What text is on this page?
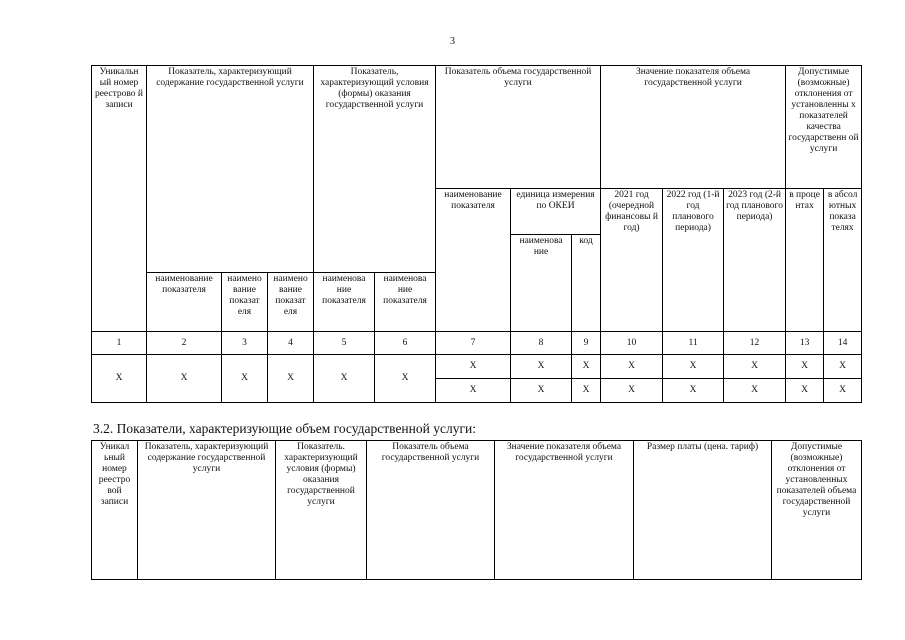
3
Уникальн ый номер реестрово й записи	Показатель, характеризующий содержание государственной услуги			Показатель, характеризующий условия (формы) оказания государственной услуги		Показатель объема государственной услуги			Значение показателя объема государственной услуги			Допустимые (возможные) отклонения от установленны х показателей качества государственн ой услуги	
						наименование показателя	единица измерения по ОКЕИ		2021 год (очередной финансовы й год)	2022 год (1-й год планового периода)	2023 год (2-й год планового периода)	в проце нтах	в абсол ютных показа телях
							наименова ние	код					
	наименование показателя	наимено вание показат еля	наимено вание показат еля	наименова ние показателя	наименова ние показателя								
1	2	3	4	5	6	7	8	9	10	11	12	13	14
X	X	X	X	X	X	X	X	X	X	X	X	X	X
						X	X	X	X	X	X	X	X
3.2. Показатели, характеризующие объем государственной услуги:
Уникал ьный номер реестро вой записи	Показатель, характеризующий содержание государственной услуги	Показатель. характеризующий условия (формы) оказания государственной услуги	Показатель объема государственной услуги	Значение показателя объема государственной услуги	Размер платы (цена. тариф)	Допустимые (возможные) отклонения от установленных показателей объема государственной услуги
